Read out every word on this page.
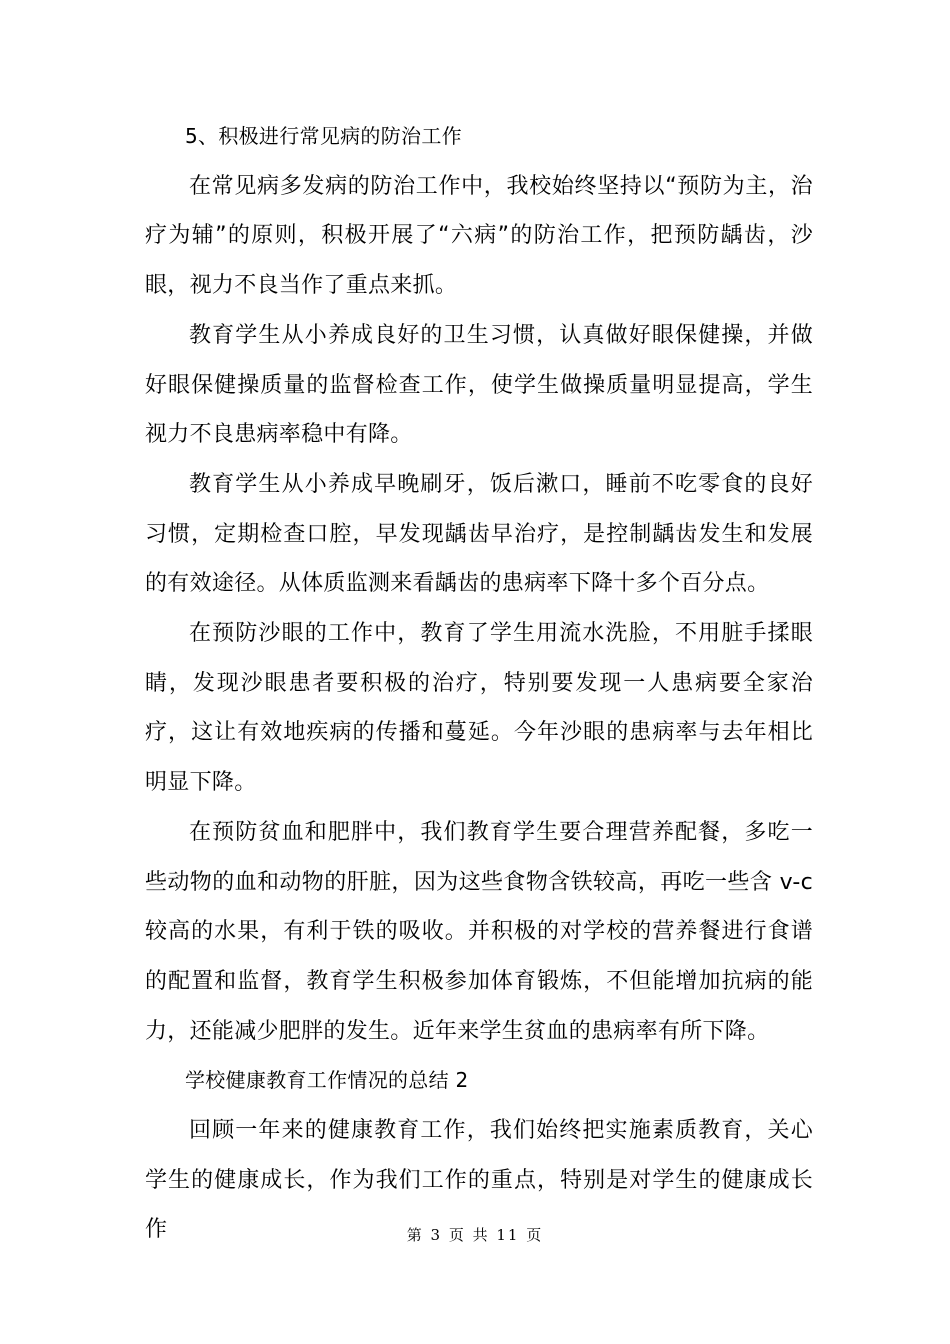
5、积极进行常见病的防治工作

在常见病多发病的防治工作中，我校始终坚持以“预防为主，治疗为辅”的原则，积极开展了“六病”的防治工作，把预防龋齿，沙眼，视力不良当作了重点来抓。

教育学生从小养成良好的卫生习惯，认真做好眼保健操，并做好眼保健操质量的监督检查工作，使学生做操质量明显提高，学生视力不良患病率稳中有降。

教育学生从小养成早晚刷牙，饭后漱口，睡前不吃零食的良好习惯，定期检查口腔，早发现龋齿早治疗，是控制龋齿发生和发展的有效途径。从体质监测来看龋齿的患病率下降十多个百分点。

在预防沙眼的工作中，教育了学生用流水洗脸，不用脏手揉眼睛，发现沙眼患者要积极的治疗，特别要发现一人患病要全家治疗，这让有效地疾病的传播和蔓延。今年沙眼的患病率与去年相比明显下降。

在预防贫血和肥胖中，我们教育学生要合理营养配餐，多吃一些动物的血和动物的肝脏，因为这些食物含铁较高，再吃一些含 v-c 较高的水果，有利于铁的吸收。并积极的对学校的营养餐进行食谱的配置和监督，教育学生积极参加体育锻炼，不但能增加抗病的能力，还能减少肥胖的发生。近年来学生贫血的患病率有所下降。

学校健康教育工作情况的总结 2

回顾一年来的健康教育工作，我们始终把实施素质教育，关心学生的健康成长，作为我们工作的重点，特别是对学生的健康成长作	第 3 页 共 11 页
